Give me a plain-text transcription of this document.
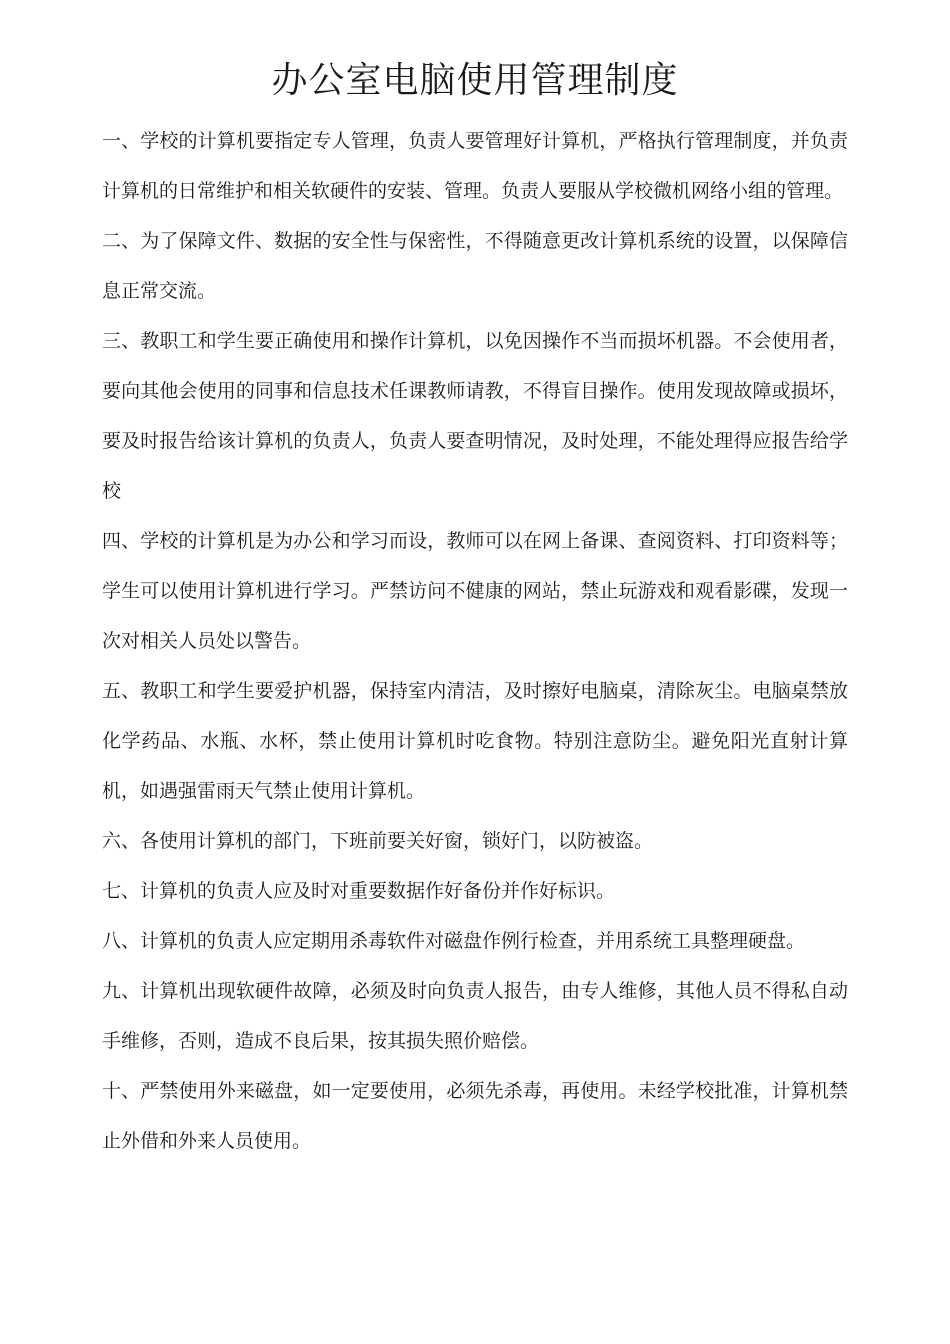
办公室电脑使用管理制度

一、学校的计算机要指定专人管理，负责人要管理好计算机，严格执行管理制度，并负责计算机的日常维护和相关软硬件的安装、管理。负责人要服从学校微机网络小组的管理。

二、为了保障文件、数据的安全性与保密性，不得随意更改计算机系统的设置，以保障信息正常交流。

三、教职工和学生要正确使用和操作计算机，以免因操作不当而损坏机器。不会使用者，要向其他会使用的同事和信息技术任课教师请教，不得盲目操作。使用发现故障或损坏，要及时报告给该计算机的负责人，负责人要查明情况，及时处理，不能处理得应报告给学校

四、学校的计算机是为办公和学习而设，教师可以在网上备课、查阅资料、打印资料等；学生可以使用计算机进行学习。严禁访问不健康的网站，禁止玩游戏和观看影碟，发现一次对相关人员处以警告。

五、教职工和学生要爱护机器，保持室内清洁，及时擦好电脑桌，清除灰尘。电脑桌禁放化学药品、水瓶、水杯，禁止使用计算机时吃食物。特别注意防尘。避免阳光直射计算机，如遇强雷雨天气禁止使用计算机。

六、各使用计算机的部门，下班前要关好窗，锁好门，以防被盗。

七、计算机的负责人应及时对重要数据作好备份并作好标识。

八、计算机的负责人应定期用杀毒软件对磁盘作例行检查，并用系统工具整理硬盘。

九、计算机出现软硬件故障，必须及时向负责人报告，由专人维修，其他人员不得私自动手维修，否则，造成不良后果，按其损失照价赔偿。

十、严禁使用外来磁盘，如一定要使用，必须先杀毒，再使用。未经学校批准，计算机禁止外借和外来人员使用。
